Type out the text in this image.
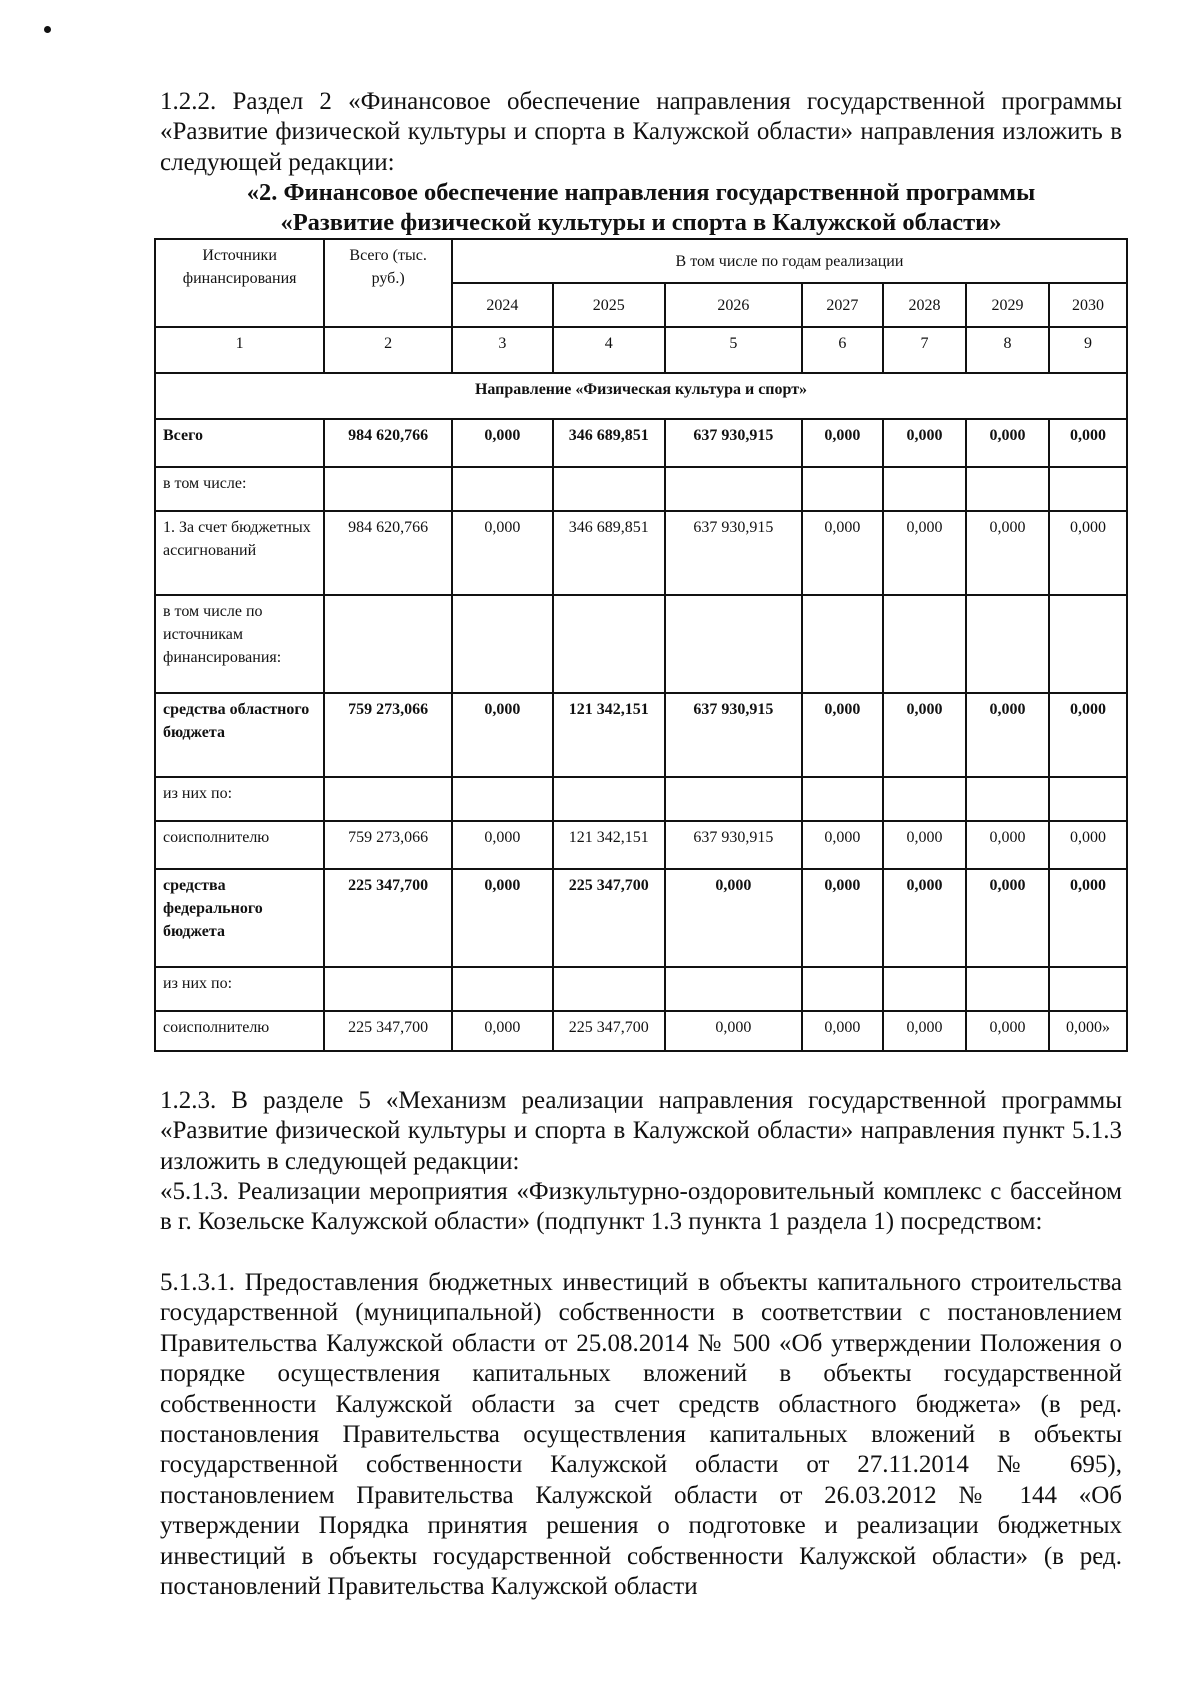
1.2.2. Раздел 2 «Финансовое обеспечение направления государственной программы «Развитие физической культуры и спорта в Калужской области» направления изложить в следующей редакции:

«2. Финансовое обеспечение направления государственной программы
«Развитие физической культуры и спорта в Калужской области»
Источники финансирования	Всего (тыс. руб.)	В том числе по годам реализации						
		2024	2025	2026	2027	2028	2029	2030
1	2	3	4	5	6	7	8	9
Направление «Физическая культура и спорт»								
Всего	984 620,766	0,000	346 689,851	637 930,915	0,000	0,000	0,000	0,000
в том числе:								
1. За счет бюджетных ассигнований	984 620,766	0,000	346 689,851	637 930,915	0,000	0,000	0,000	0,000
в том числе по источникам финансирования:								
средства областного бюджета	759 273,066	0,000	121 342,151	637 930,915	0,000	0,000	0,000	0,000
из них по:								
соисполнителю	759 273,066	0,000	121 342,151	637 930,915	0,000	0,000	0,000	0,000
средства федерального бюджета	225 347,700	0,000	225 347,700	0,000	0,000	0,000	0,000	0,000
из них по:								
соисполнителю	225 347,700	0,000	225 347,700	0,000	0,000	0,000	0,000	0,000»

1.2.3. В разделе 5 «Механизм реализации направления государственной программы «Развитие физической культуры и спорта в Калужской области» направления пункт 5.1.3 изложить в следующей редакции:

«5.1.3. Реализации мероприятия «Физкультурно-оздоровительный комплекс с бассейном в г. Козельске Калужской области» (подпункт 1.3 пункта 1 раздела 1) посредством:

5.1.3.1. Предоставления бюджетных инвестиций в объекты капитального строительства государственной (муниципальной) собственности в соответствии с постановлением Правительства Калужской области от 25.08.2014 № 500 «Об утверждении Положения о порядке осуществления капитальных вложений в объекты государственной собственности Калужской области за счет средств областного бюджета» (в ред. постановления Правительства осуществления капитальных вложений в объекты государственной собственности Калужской области от 27.11.2014 № 695), постановлением Правительства Калужской области от 26.03.2012 № 144 «Об утверждении Порядка принятия решения о подготовке и реализации бюджетных инвестиций в объекты государственной собственности Калужской области» (в ред. постановлений Правительства Калужской области
